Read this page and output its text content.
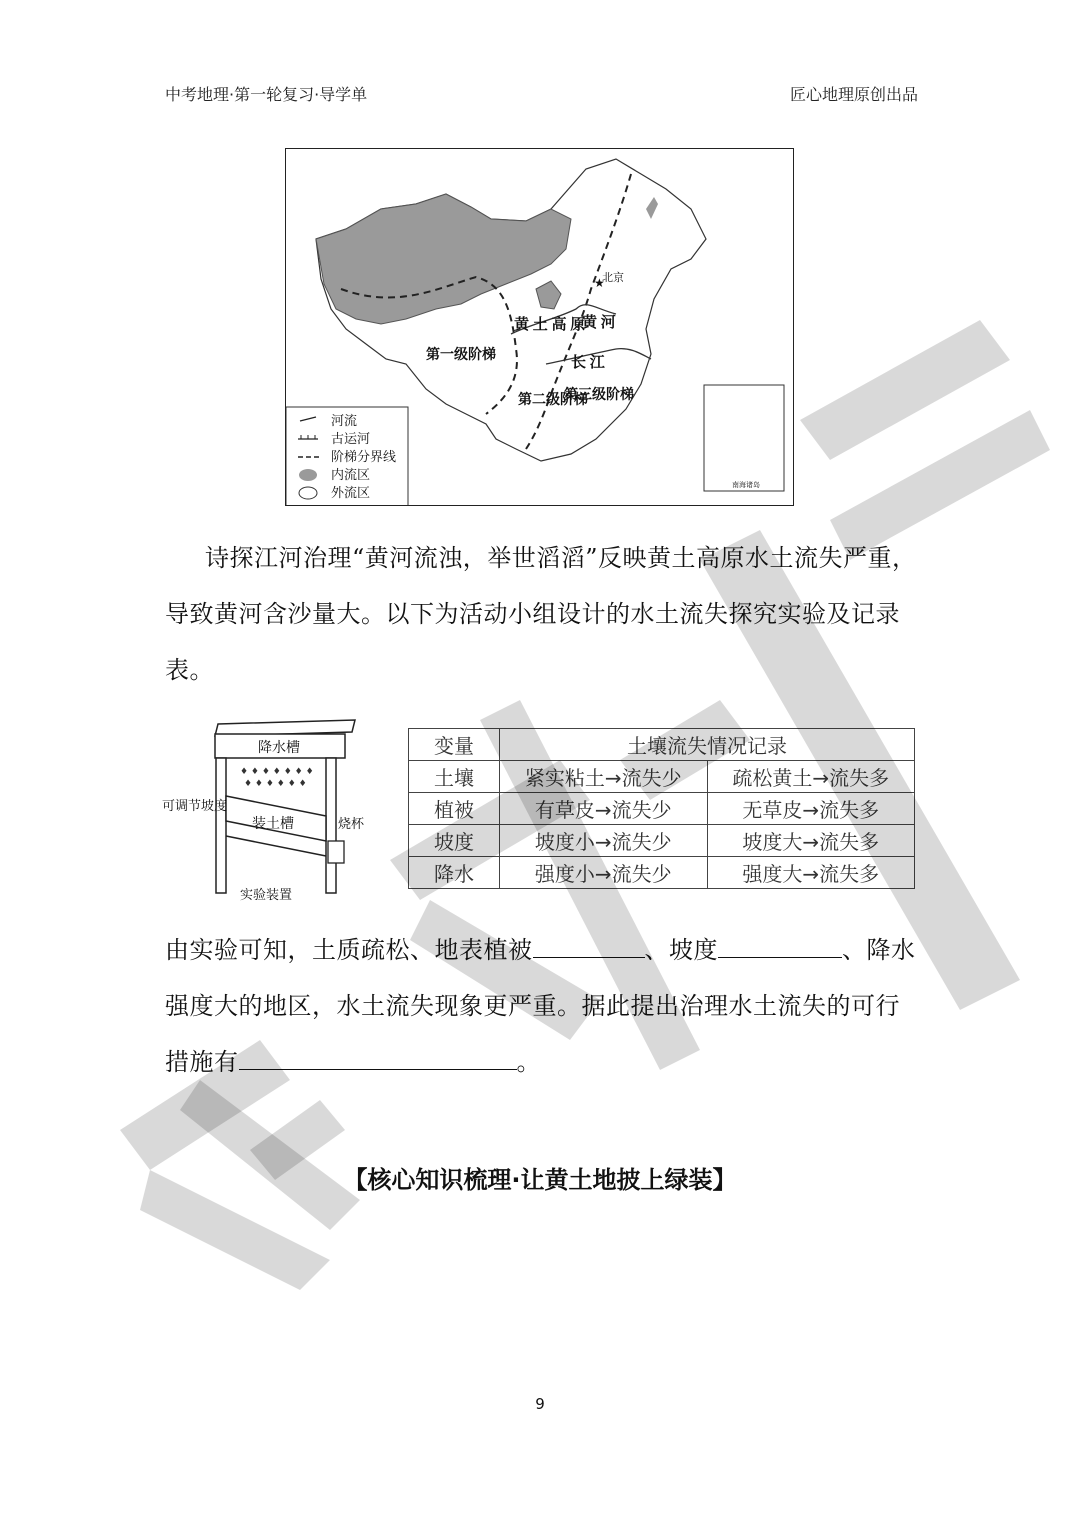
中考地理·第一轮复习·导学单	匠心地理原创出品
★
北京
黄 土 高 原
黄 河
长 江
第一级阶梯
第二级阶梯
第三级阶梯
南海诸岛
河流
古运河
阶梯分界线
内流区
外流区
诗探江河治理“黄河流浊，举世滔滔”反映黄土高原水土流失严重，导致黄河含沙量大。以下为活动小组设计的水土流失探究实验及记录表。
降水槽
♦ ♦ ♦ ♦ ♦ ♦ ♦
♦ ♦ ♦ ♦ ♦ ♦
装土槽	烧杯
可调节坡度
实验装置
变量	土壤流失情况记录	
土壤	紧实粘土→流失少	疏松黄土→流失多
植被	有草皮→流失少	无草皮→流失多
坡度	坡度小→流失少	坡度大→流失多
降水	强度小→流失少	强度大→流失多
由实验可知，土质疏松、地表植被	、坡度	、降水强度大的地区，水土流失现象更严重。据此提出治理水土流失的可行措施有	。
【核心知识梳理·让黄土地披上绿装】
9
